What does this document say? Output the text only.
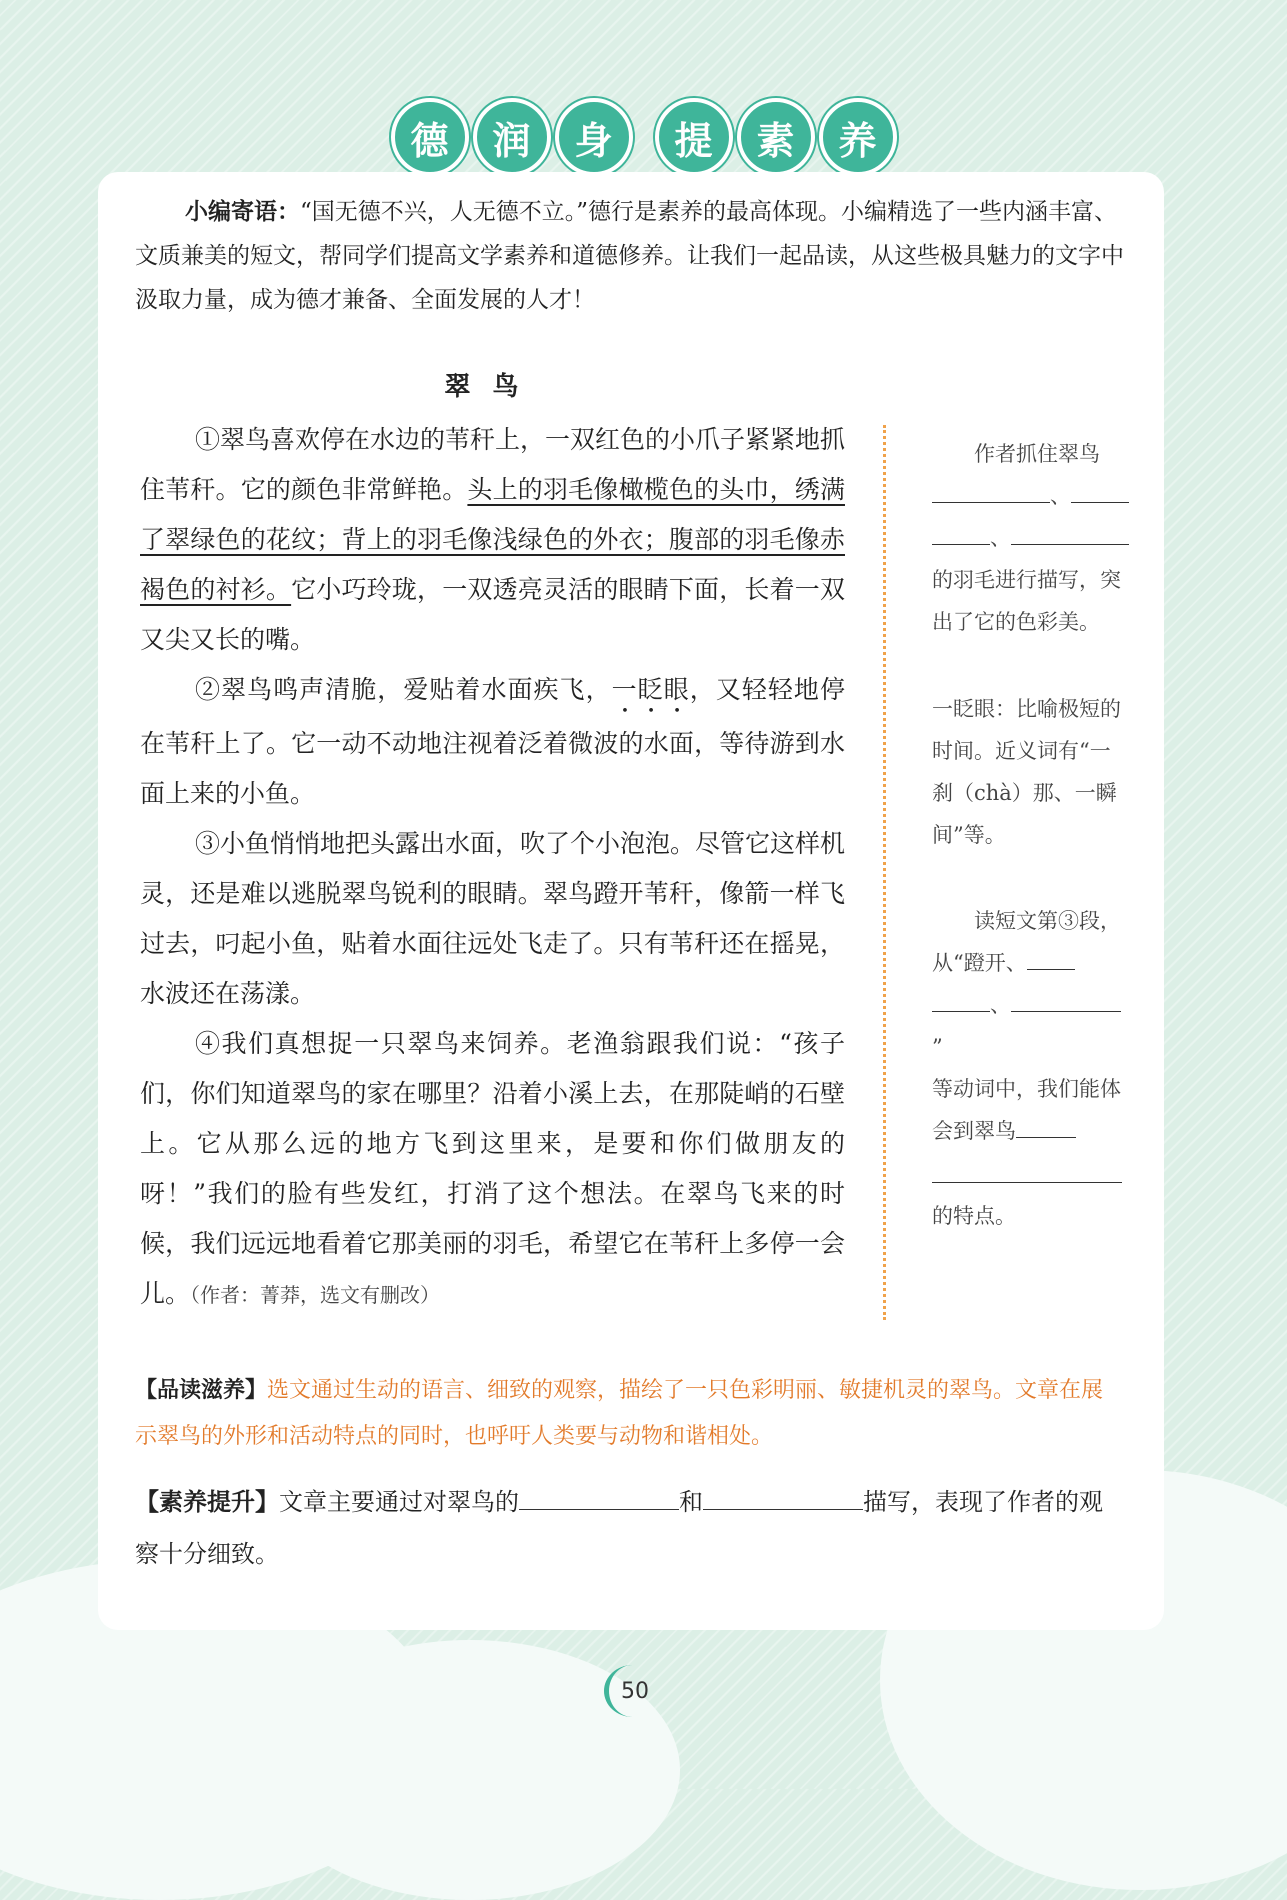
德	润	身	提	素	养
小编寄语：“国无德不兴，人无德不立。”德行是素养的最高体现。小编精选了一些内涵丰富、文质兼美的短文，帮同学们提高文学素养和道德修养。让我们一起品读，从这些极具魅力的文字中汲取力量，成为德才兼备、全面发展的人才！
翠鸟

①翠鸟喜欢停在水边的苇秆上，一双红色的小爪子紧紧地抓住苇秆。它的颜色非常鲜艳。头上的羽毛像橄榄色的头巾，绣满了翠绿色的花纹；背上的羽毛像浅绿色的外衣；腹部的羽毛像赤褐色的衬衫。它小巧玲珑，一双透亮灵活的眼睛下面，长着一双又尖又长的嘴。

②翠鸟鸣声清脆，爱贴着水面疾飞，一眨眼，又轻轻地停在苇秆上了。它一动不动地注视着泛着微波的水面，等待游到水面上来的小鱼。

③小鱼悄悄地把头露出水面，吹了个小泡泡。尽管它这样机灵，还是难以逃脱翠鸟锐利的眼睛。翠鸟蹬开苇秆，像箭一样飞过去，叼起小鱼，贴着水面往远处飞走了。只有苇秆还在摇晃，水波还在荡漾。

④我们真想捉一只翠鸟来饲养。老渔翁跟我们说：“孩子们，你们知道翠鸟的家在哪里？沿着小溪上去，在那陡峭的石壁上。它从那么远的地方飞到这里来，是要和你们做朋友的呀！”我们的脸有些发红，打消了这个想法。在翠鸟飞来的时候，我们远远地看着它那美丽的羽毛，希望它在苇秆上多停一会儿。（作者：菁莽，选文有删改）

作者抓住翠鸟
、
、
的羽毛进行描写，突出了它的色彩美。
一眨眼：比喻极短的时间。近义词有“一刹（chà）那、一瞬间”等。
读短文第③段，从“蹬开、
、”
等动词中，我们能体会到翠鸟
的特点。
【品读滋养】选文通过生动的语言、细致的观察，描绘了一只色彩明丽、敏捷机灵的翠鸟。文章在展示翠鸟的外形和活动特点的同时，也呼吁人类要与动物和谐相处。
【素养提升】文章主要通过对翠鸟的	和	描写，表现了作者的观察十分细致。
50
